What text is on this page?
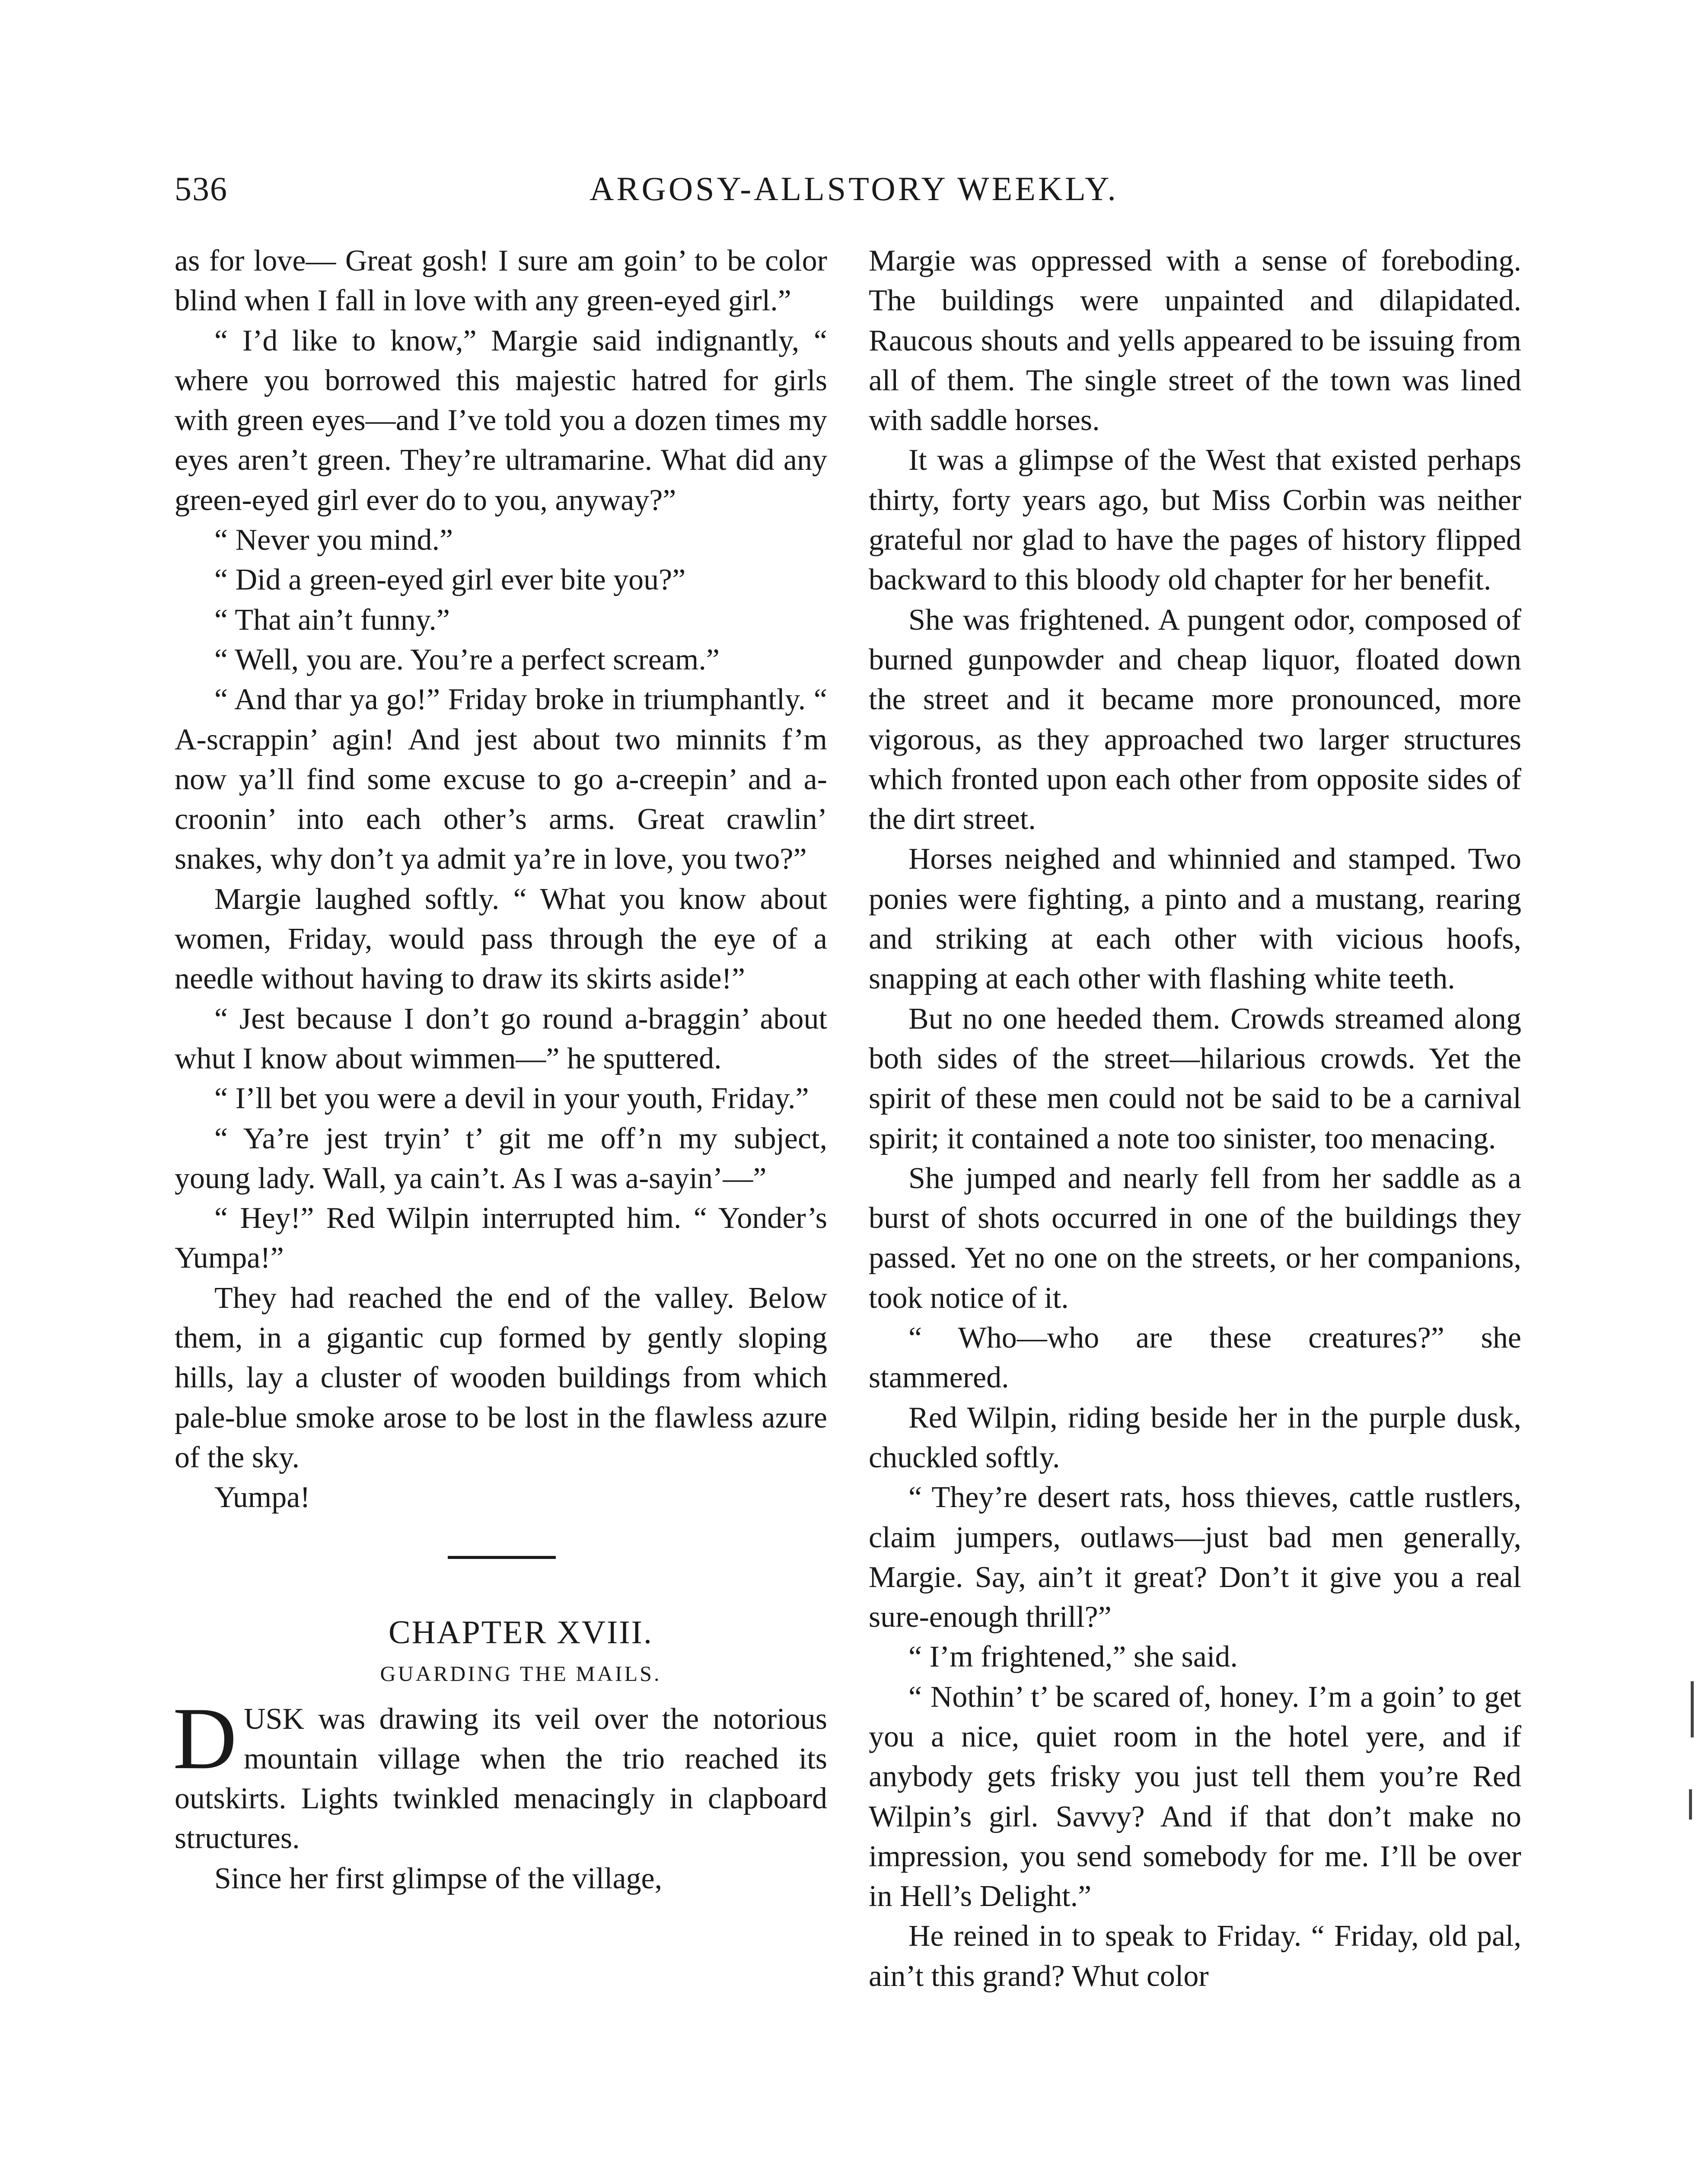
536	ARGOSY-ALLSTORY WEEKLY.

as for love— Great gosh! I sure am goin’ to be color blind when I fall in love with any green-eyed girl.”

“ I’d like to know,” Margie said indignantly, “ where you borrowed this majestic hatred for girls with green eyes—and I’ve told you a dozen times my eyes aren’t green. They’re ultramarine. What did any green-eyed girl ever do to you, anyway?”

“ Never you mind.”

“ Did a green-eyed girl ever bite you?”

“ That ain’t funny.”

“ Well, you are. You’re a perfect scream.”

“ And thar ya go!” Friday broke in triumphantly. “ A-scrappin’ agin! And jest about two minnits f’m now ya’ll find some excuse to go a-creepin’ and a-croonin’ into each other’s arms. Great crawlin’ snakes, why don’t ya admit ya’re in love, you two?”

Margie laughed softly. “ What you know about women, Friday, would pass through the eye of a needle without having to draw its skirts aside!”

“ Jest because I don’t go round a-braggin’ about whut I know about wimmen—” he sputtered.

“ I’ll bet you were a devil in your youth, Friday.”

“ Ya’re jest tryin’ t’ git me off’n my subject, young lady. Wall, ya cain’t. As I was a-sayin’—”

“ Hey!” Red Wilpin interrupted him. “ Yonder’s Yumpa!”

They had reached the end of the valley. Below them, in a gigantic cup formed by gently sloping hills, lay a cluster of wooden buildings from which pale-blue smoke arose to be lost in the flawless azure of the sky.

Yumpa!

CHAPTER XVIII.

GUARDING THE MAILS.

DUSK was drawing its veil over the notorious mountain village when the trio reached its outskirts. Lights twinkled menacingly in clapboard structures.

Since her first glimpse of the village,

Margie was oppressed with a sense of foreboding. The buildings were unpainted and dilapidated. Raucous shouts and yells appeared to be issuing from all of them. The single street of the town was lined with saddle horses.

It was a glimpse of the West that existed perhaps thirty, forty years ago, but Miss Corbin was neither grateful nor glad to have the pages of history flipped backward to this bloody old chapter for her benefit.

She was frightened. A pungent odor, composed of burned gunpowder and cheap liquor, floated down the street and it became more pronounced, more vigorous, as they approached two larger structures which fronted upon each other from opposite sides of the dirt street.

Horses neighed and whinnied and stamped. Two ponies were fighting, a pinto and a mustang, rearing and striking at each other with vicious hoofs, snapping at each other with flashing white teeth.

But no one heeded them. Crowds streamed along both sides of the street—hilarious crowds. Yet the spirit of these men could not be said to be a carnival spirit; it contained a note too sinister, too menacing.

She jumped and nearly fell from her saddle as a burst of shots occurred in one of the buildings they passed. Yet no one on the streets, or her companions, took notice of it.

“ Who—who are these creatures?” she stammered.

Red Wilpin, riding beside her in the purple dusk, chuckled softly.

“ They’re desert rats, hoss thieves, cattle rustlers, claim jumpers, outlaws—just bad men generally, Margie. Say, ain’t it great? Don’t it give you a real sure-enough thrill?”

“ I’m frightened,” she said.

“ Nothin’ t’ be scared of, honey. I’m a goin’ to get you a nice, quiet room in the hotel yere, and if anybody gets frisky you just tell them you’re Red Wilpin’s girl. Savvy? And if that don’t make no impression, you send somebody for me. I’ll be over in Hell’s Delight.”

He reined in to speak to Friday. “ Friday, old pal, ain’t this grand? Whut color
